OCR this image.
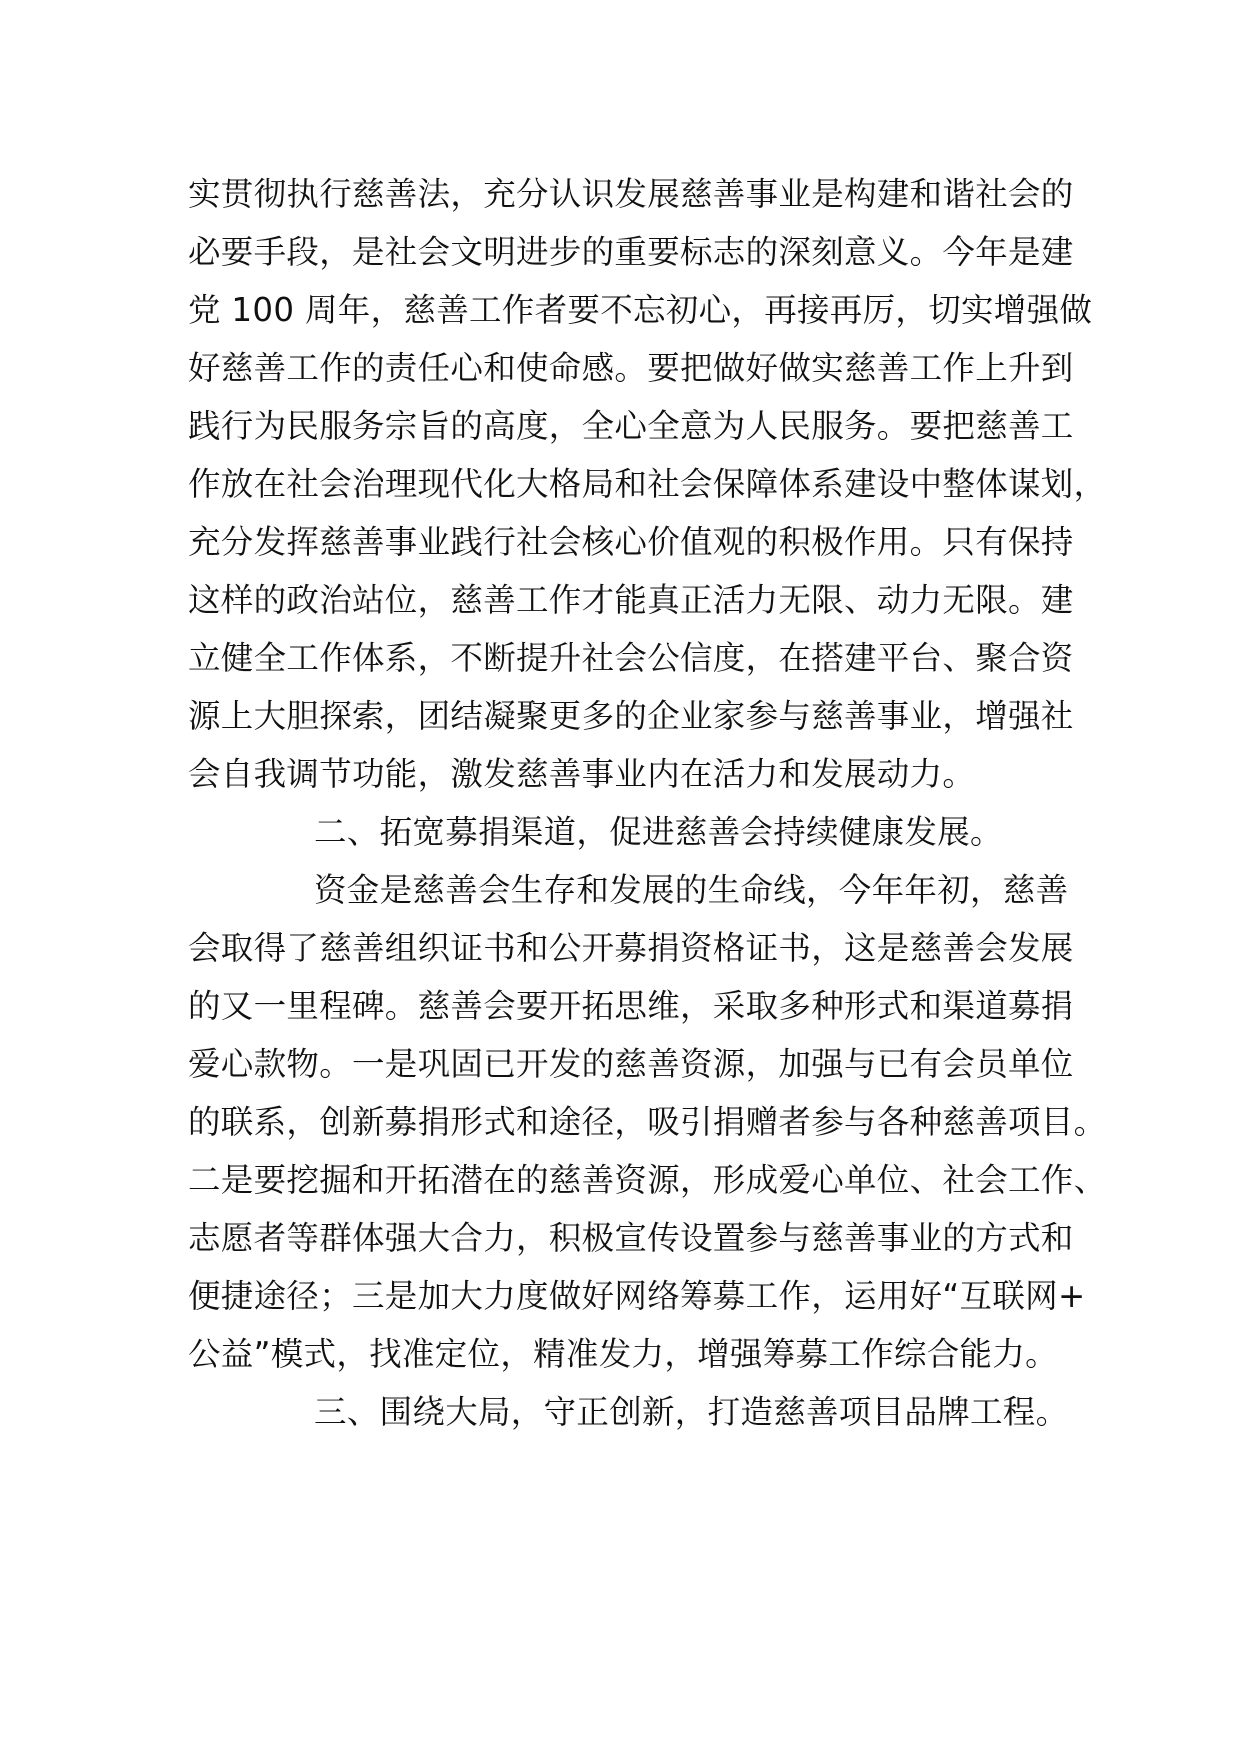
实贯彻执行慈善法，充分认识发展慈善事业是构建和谐社会的
必要手段，是社会文明进步的重要标志的深刻意义。今年是建
党 100 周年，慈善工作者要不忘初心，再接再厉，切实增强做
好慈善工作的责任心和使命感。要把做好做实慈善工作上升到
践行为民服务宗旨的高度，全心全意为人民服务。要把慈善工
作放在社会治理现代化大格局和社会保障体系建设中整体谋划，
充分发挥慈善事业践行社会核心价值观的积极作用。只有保持
这样的政治站位，慈善工作才能真正活力无限、动力无限。建
立健全工作体系，不断提升社会公信度，在搭建平台、聚合资
源上大胆探索，团结凝聚更多的企业家参与慈善事业，增强社
会自我调节功能，激发慈善事业内在活力和发展动力。
二、拓宽募捐渠道，促进慈善会持续健康发展。
资金是慈善会生存和发展的生命线，今年年初，慈善
会取得了慈善组织证书和公开募捐资格证书，这是慈善会发展
的又一里程碑。慈善会要开拓思维，采取多种形式和渠道募捐
爱心款物。一是巩固已开发的慈善资源，加强与已有会员单位
的联系，创新募捐形式和途径，吸引捐赠者参与各种慈善项目。
二是要挖掘和开拓潜在的慈善资源，形成爱心单位、社会工作、
志愿者等群体强大合力，积极宣传设置参与慈善事业的方式和
便捷途径；三是加大力度做好网络筹募工作，运用好“互联网+
公益”模式，找准定位，精准发力，增强筹募工作综合能力。
三、围绕大局，守正创新，打造慈善项目品牌工程。
